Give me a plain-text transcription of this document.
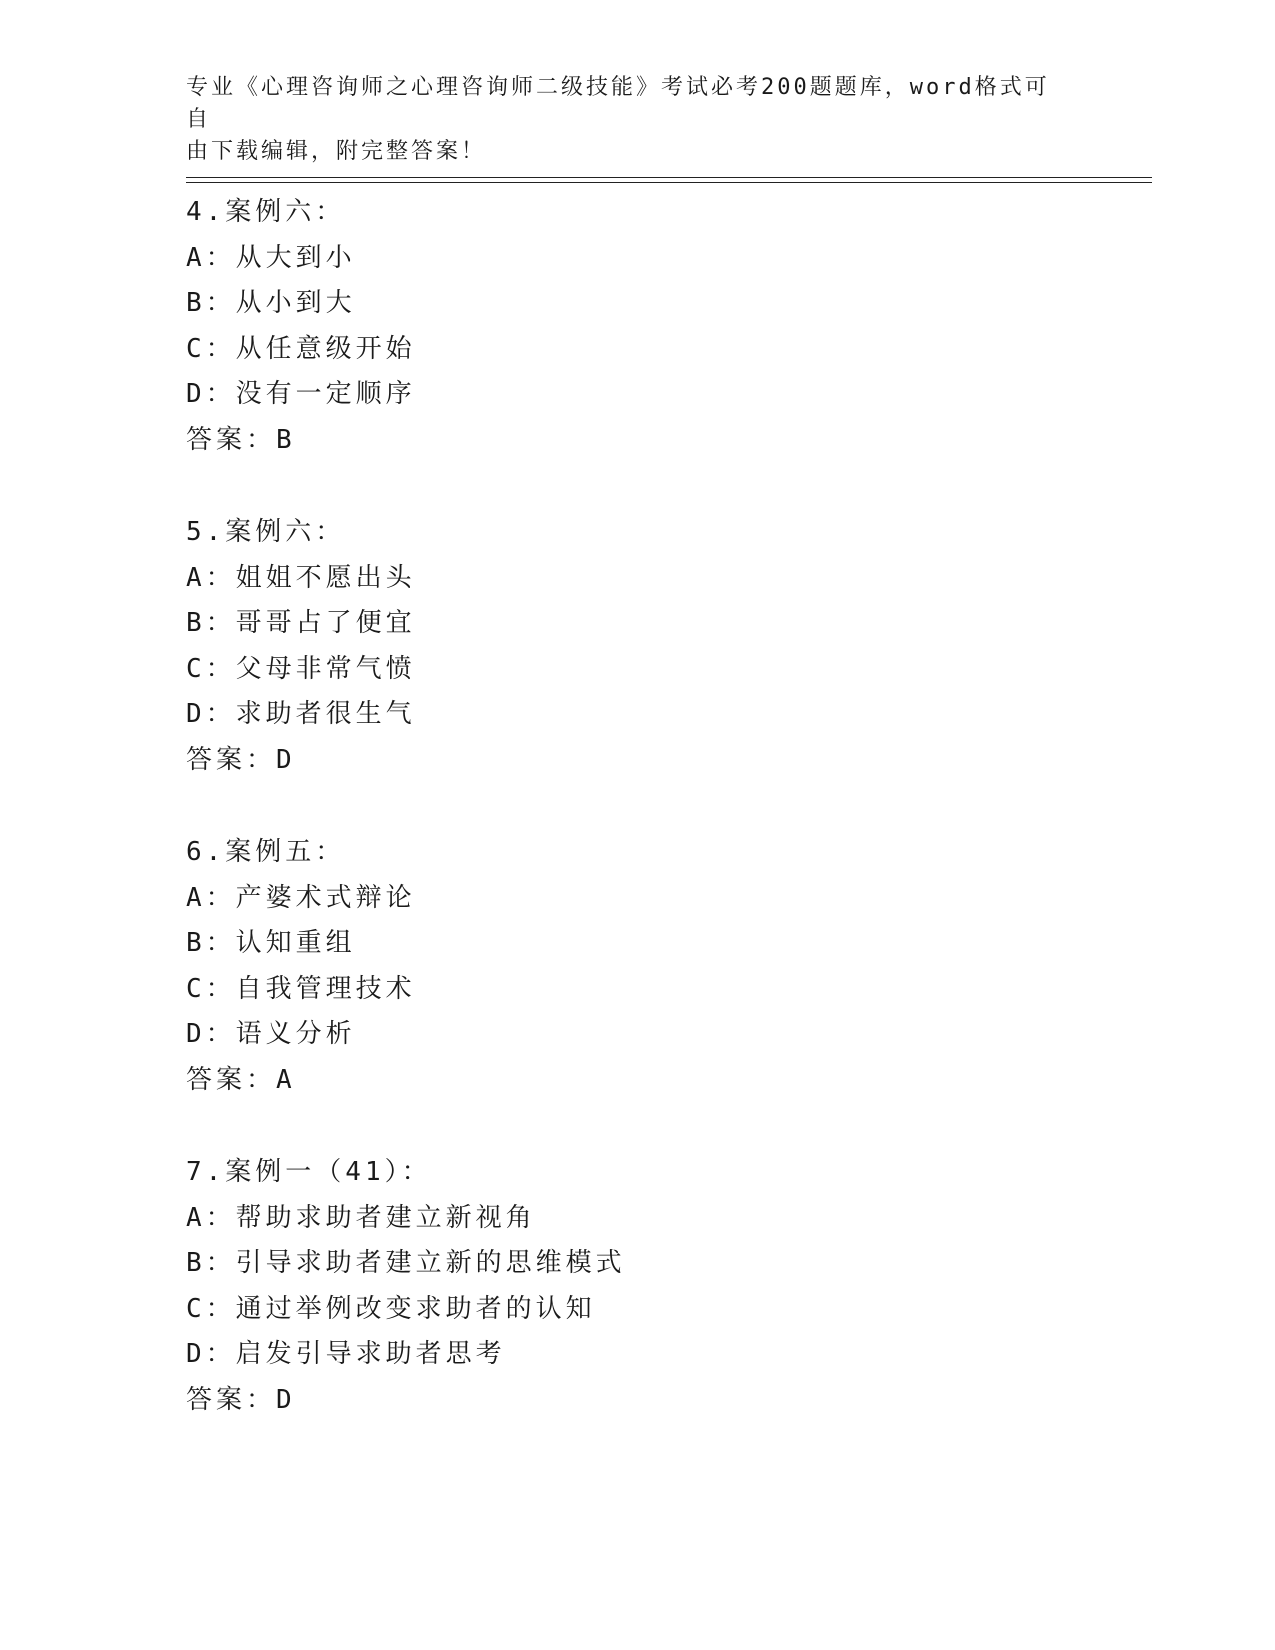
专业《心理咨询师之心理咨询师二级技能》考试必考200题题库，word格式可自
由下载编辑，附完整答案！
4.案例六：
A：从大到小
B：从小到大
C：从任意级开始
D：没有一定顺序
答案：B
5.案例六：
A：姐姐不愿出头
B：哥哥占了便宜
C：父母非常气愤
D：求助者很生气
答案：D
6.案例五：
A：产婆术式辩论
B：认知重组
C：自我管理技术
D：语义分析
答案：A
7.案例一（41）：
A：帮助求助者建立新视角
B：引导求助者建立新的思维模式
C：通过举例改变求助者的认知
D：启发引导求助者思考
答案：D
